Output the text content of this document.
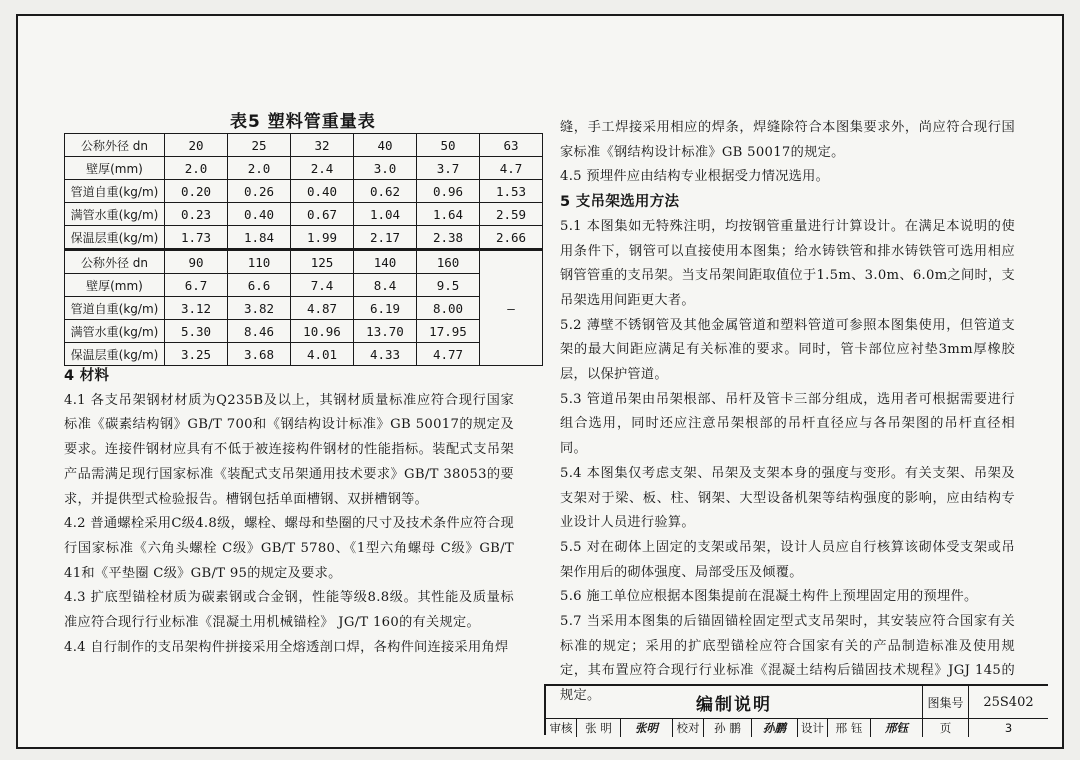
表5 塑料管重量表
公称外径 dn	20	25	32	40	50	63
壁厚(mm)	2.0	2.0	2.4	3.0	3.7	4.7
管道自重(kg/m)	0.20	0.26	0.40	0.62	0.96	1.53
满管水重(kg/m)	0.23	0.40	0.67	1.04	1.64	2.59
保温层重(kg/m)	1.73	1.84	1.99	2.17	2.38	2.66
公称外径 dn	90	110	125	140	160	—
壁厚(mm)	6.7	6.6	7.4	8.4	9.5	
管道自重(kg/m)	3.12	3.82	4.87	6.19	8.00	
满管水重(kg/m)	5.30	8.46	10.96	13.70	17.95	
保温层重(kg/m)	3.25	3.68	4.01	4.33	4.77	
4 材料

4.1 各支吊架钢材材质为Q235B及以上，其钢材质量标准应符合现行国家标准《碳素结构钢》GB/T 700和《钢结构设计标准》GB 50017的规定及要求。连接件钢材应具有不低于被连接构件钢材的性能指标。装配式支吊架产品需满足现行国家标准《装配式支吊架通用技术要求》GB/T 38053的要求，并提供型式检验报告。槽钢包括单面槽钢、双拼槽钢等。

4.2 普通螺栓采用C级4.8级，螺栓、螺母和垫圈的尺寸及技术条件应符合现行国家标准《六角头螺栓 C级》GB/T 5780、《1型六角螺母 C级》GB/T 41和《平垫圈 C级》GB/T 95的规定及要求。

4.3 扩底型锚栓材质为碳素钢或合金钢，性能等级8.8级。其性能及质量标准应符合现行行业标准《混凝土用机械锚栓》 JG/T 160的有关规定。

4.4 自行制作的支吊架构件拼接采用全熔透剖口焊，各构件间连接采用角焊

缝，手工焊接采用相应的焊条，焊缝除符合本图集要求外，尚应符合现行国家标准《钢结构设计标准》GB 50017的规定。

4.5 预埋件应由结构专业根据受力情况选用。

5 支吊架选用方法

5.1 本图集如无特殊注明，均按钢管重量进行计算设计。在满足本说明的使用条件下，钢管可以直接使用本图集；给水铸铁管和排水铸铁管可选用相应钢管管重的支吊架。当支吊架间距取值位于1.5m、3.0m、6.0m之间时，支吊架选用间距更大者。

5.2 薄壁不锈钢管及其他金属管道和塑料管道可参照本图集使用，但管道支架的最大间距应满足有关标准的要求。同时，管卡部位应衬垫3mm厚橡胶层，以保护管道。

5.3 管道吊架由吊架根部、吊杆及管卡三部分组成，选用者可根据需要进行组合选用，同时还应注意吊架根部的吊杆直径应与各吊架图的吊杆直径相同。

5.4 本图集仅考虑支架、吊架及支架本身的强度与变形。有关支架、吊架及支架对于梁、板、柱、钢架、大型设备机架等结构强度的影响，应由结构专业设计人员进行验算。

5.5 对在砌体上固定的支架或吊架，设计人员应自行核算该砌体受支架或吊架作用后的砌体强度、局部受压及倾覆。

5.6 施工单位应根据本图集提前在混凝土构件上预埋固定用的预埋件。

5.7 当采用本图集的后锚固锚栓固定型式支吊架时，其安装应符合国家有关标准的规定；采用的扩底型锚栓应符合国家有关的产品制造标准及使用规定，其布置应符合现行行业标准《混凝土结构后锚固技术规程》JGJ 145的规定。	编制说明	图集号	25S402
审核	张 明	张明	校对	孙 鹏	孙鹏	设计	邢 钰	邢钰	页	3
